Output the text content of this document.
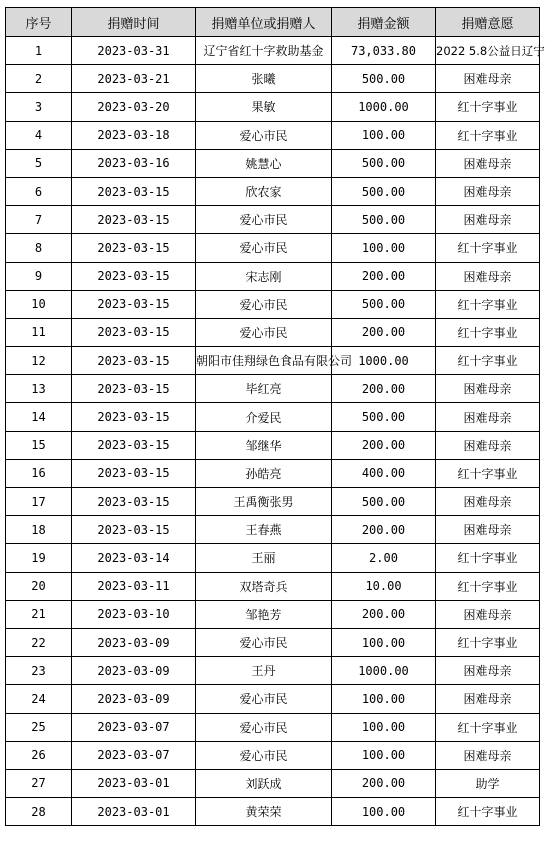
序号	捐赠时间	捐赠单位或捐赠人	捐赠金额	捐赠意愿
1	2023-03-31	辽宁省红十字救助基金	73,033.80	2022 5.8公益日辽宁
2	2023-03-21	张曦	500.00	困难母亲
3	2023-03-20	果敏	1000.00	红十字事业
4	2023-03-18	爱心市民	100.00	红十字事业
5	2023-03-16	姚慧心	500.00	困难母亲
6	2023-03-15	欣农家	500.00	困难母亲
7	2023-03-15	爱心市民	500.00	困难母亲
8	2023-03-15	爱心市民	100.00	红十字事业
9	2023-03-15	宋志刚	200.00	困难母亲
10	2023-03-15	爱心市民	500.00	红十字事业
11	2023-03-15	爱心市民	200.00	红十字事业
12	2023-03-15	朝阳市佳翔绿色食品有限公司	1000.00	红十字事业
13	2023-03-15	毕红亮	200.00	困难母亲
14	2023-03-15	介爱民	500.00	困难母亲
15	2023-03-15	邹继华	200.00	困难母亲
16	2023-03-15	孙皓亮	400.00	红十字事业
17	2023-03-15	王禹衡张男	500.00	困难母亲
18	2023-03-15	王春燕	200.00	困难母亲
19	2023-03-14	王丽	2.00	红十字事业
20	2023-03-11	双塔奇兵	10.00	红十字事业
21	2023-03-10	邹艳芳	200.00	困难母亲
22	2023-03-09	爱心市民	100.00	红十字事业
23	2023-03-09	王丹	1000.00	困难母亲
24	2023-03-09	爱心市民	100.00	困难母亲
25	2023-03-07	爱心市民	100.00	红十字事业
26	2023-03-07	爱心市民	100.00	困难母亲
27	2023-03-01	刘跃成	200.00	助学
28	2023-03-01	黄荣荣	100.00	红十字事业
